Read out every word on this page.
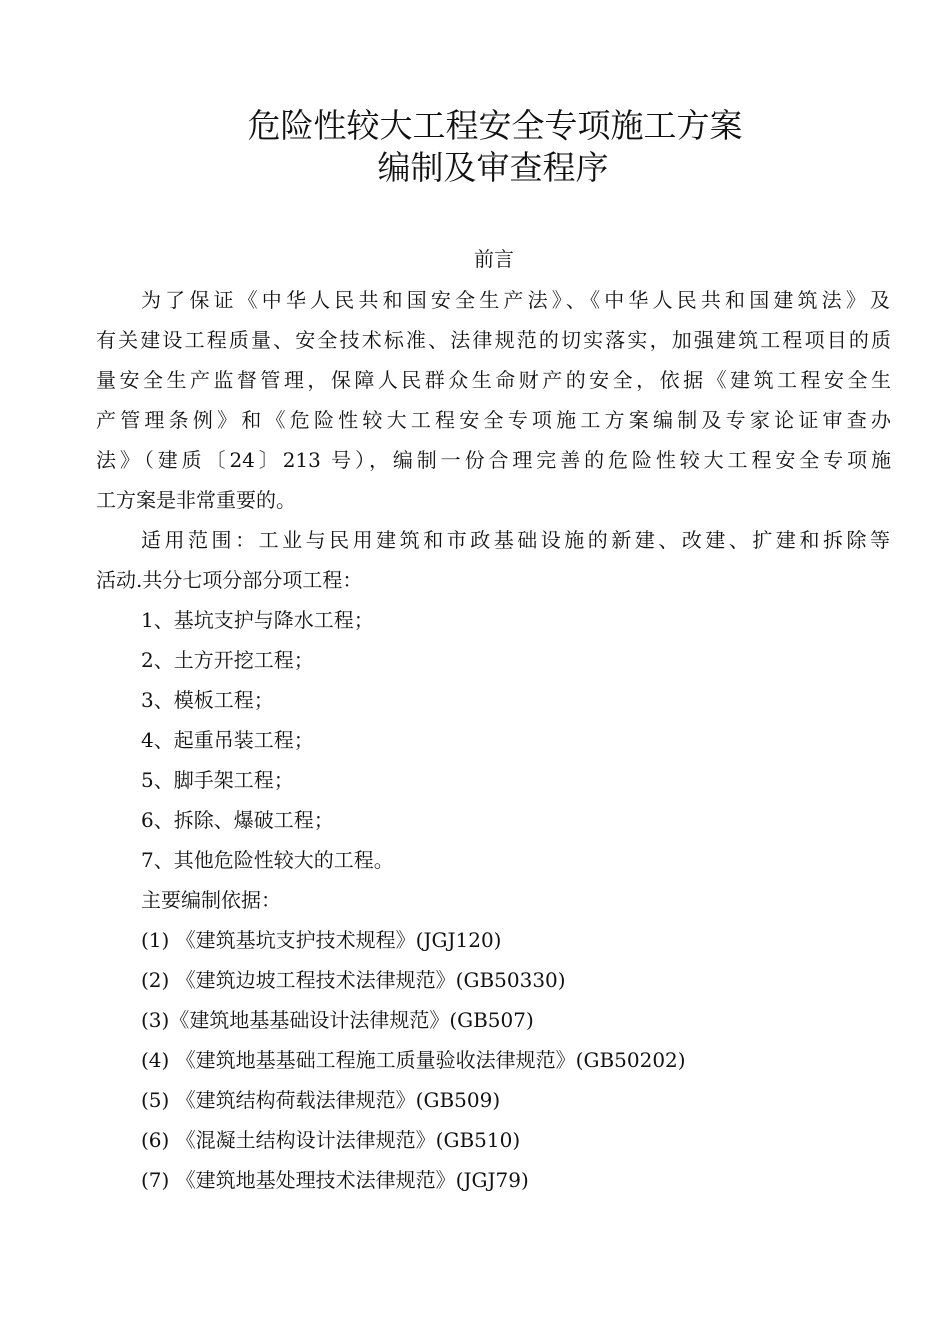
危险性较大工程安全专项施工方案
编制及审查程序
前言
为了保证《中华人民共和国安全生产法》、《中华人民共和国建筑法》及
有关建设工程质量、安全技术标准、法律规范的切实落实，加强建筑工程项目的质
量安全生产监督管理，保障人民群众生命财产的安全，依据《建筑工程安全生
产管理条例》和《危险性较大工程安全专项施工方案编制及专家论证审查办
法》（建质〔24〕213 号），编制一份合理完善的危险性较大工程安全专项施
工方案是非常重要的。
适用范围：工业与民用建筑和市政基础设施的新建、改建、扩建和拆除等
活动.共分七项分部分项工程：
1、基坑支护与降水工程；
2、土方开挖工程；
3、模板工程；
4、起重吊装工程；
5、脚手架工程；
6、拆除、爆破工程；
7、其他危险性较大的工程。
主要编制依据：
(1) 《建筑基坑支护技术规程》(JGJ120)
(2) 《建筑边坡工程技术法律规范》(GB50330)
(3)《建筑地基基础设计法律规范》(GB507)
(4) 《建筑地基基础工程施工质量验收法律规范》(GB50202)
(5) 《建筑结构荷载法律规范》(GB509)
(6) 《混凝土结构设计法律规范》(GB510)
(7) 《建筑地基处理技术法律规范》(JGJ79)
